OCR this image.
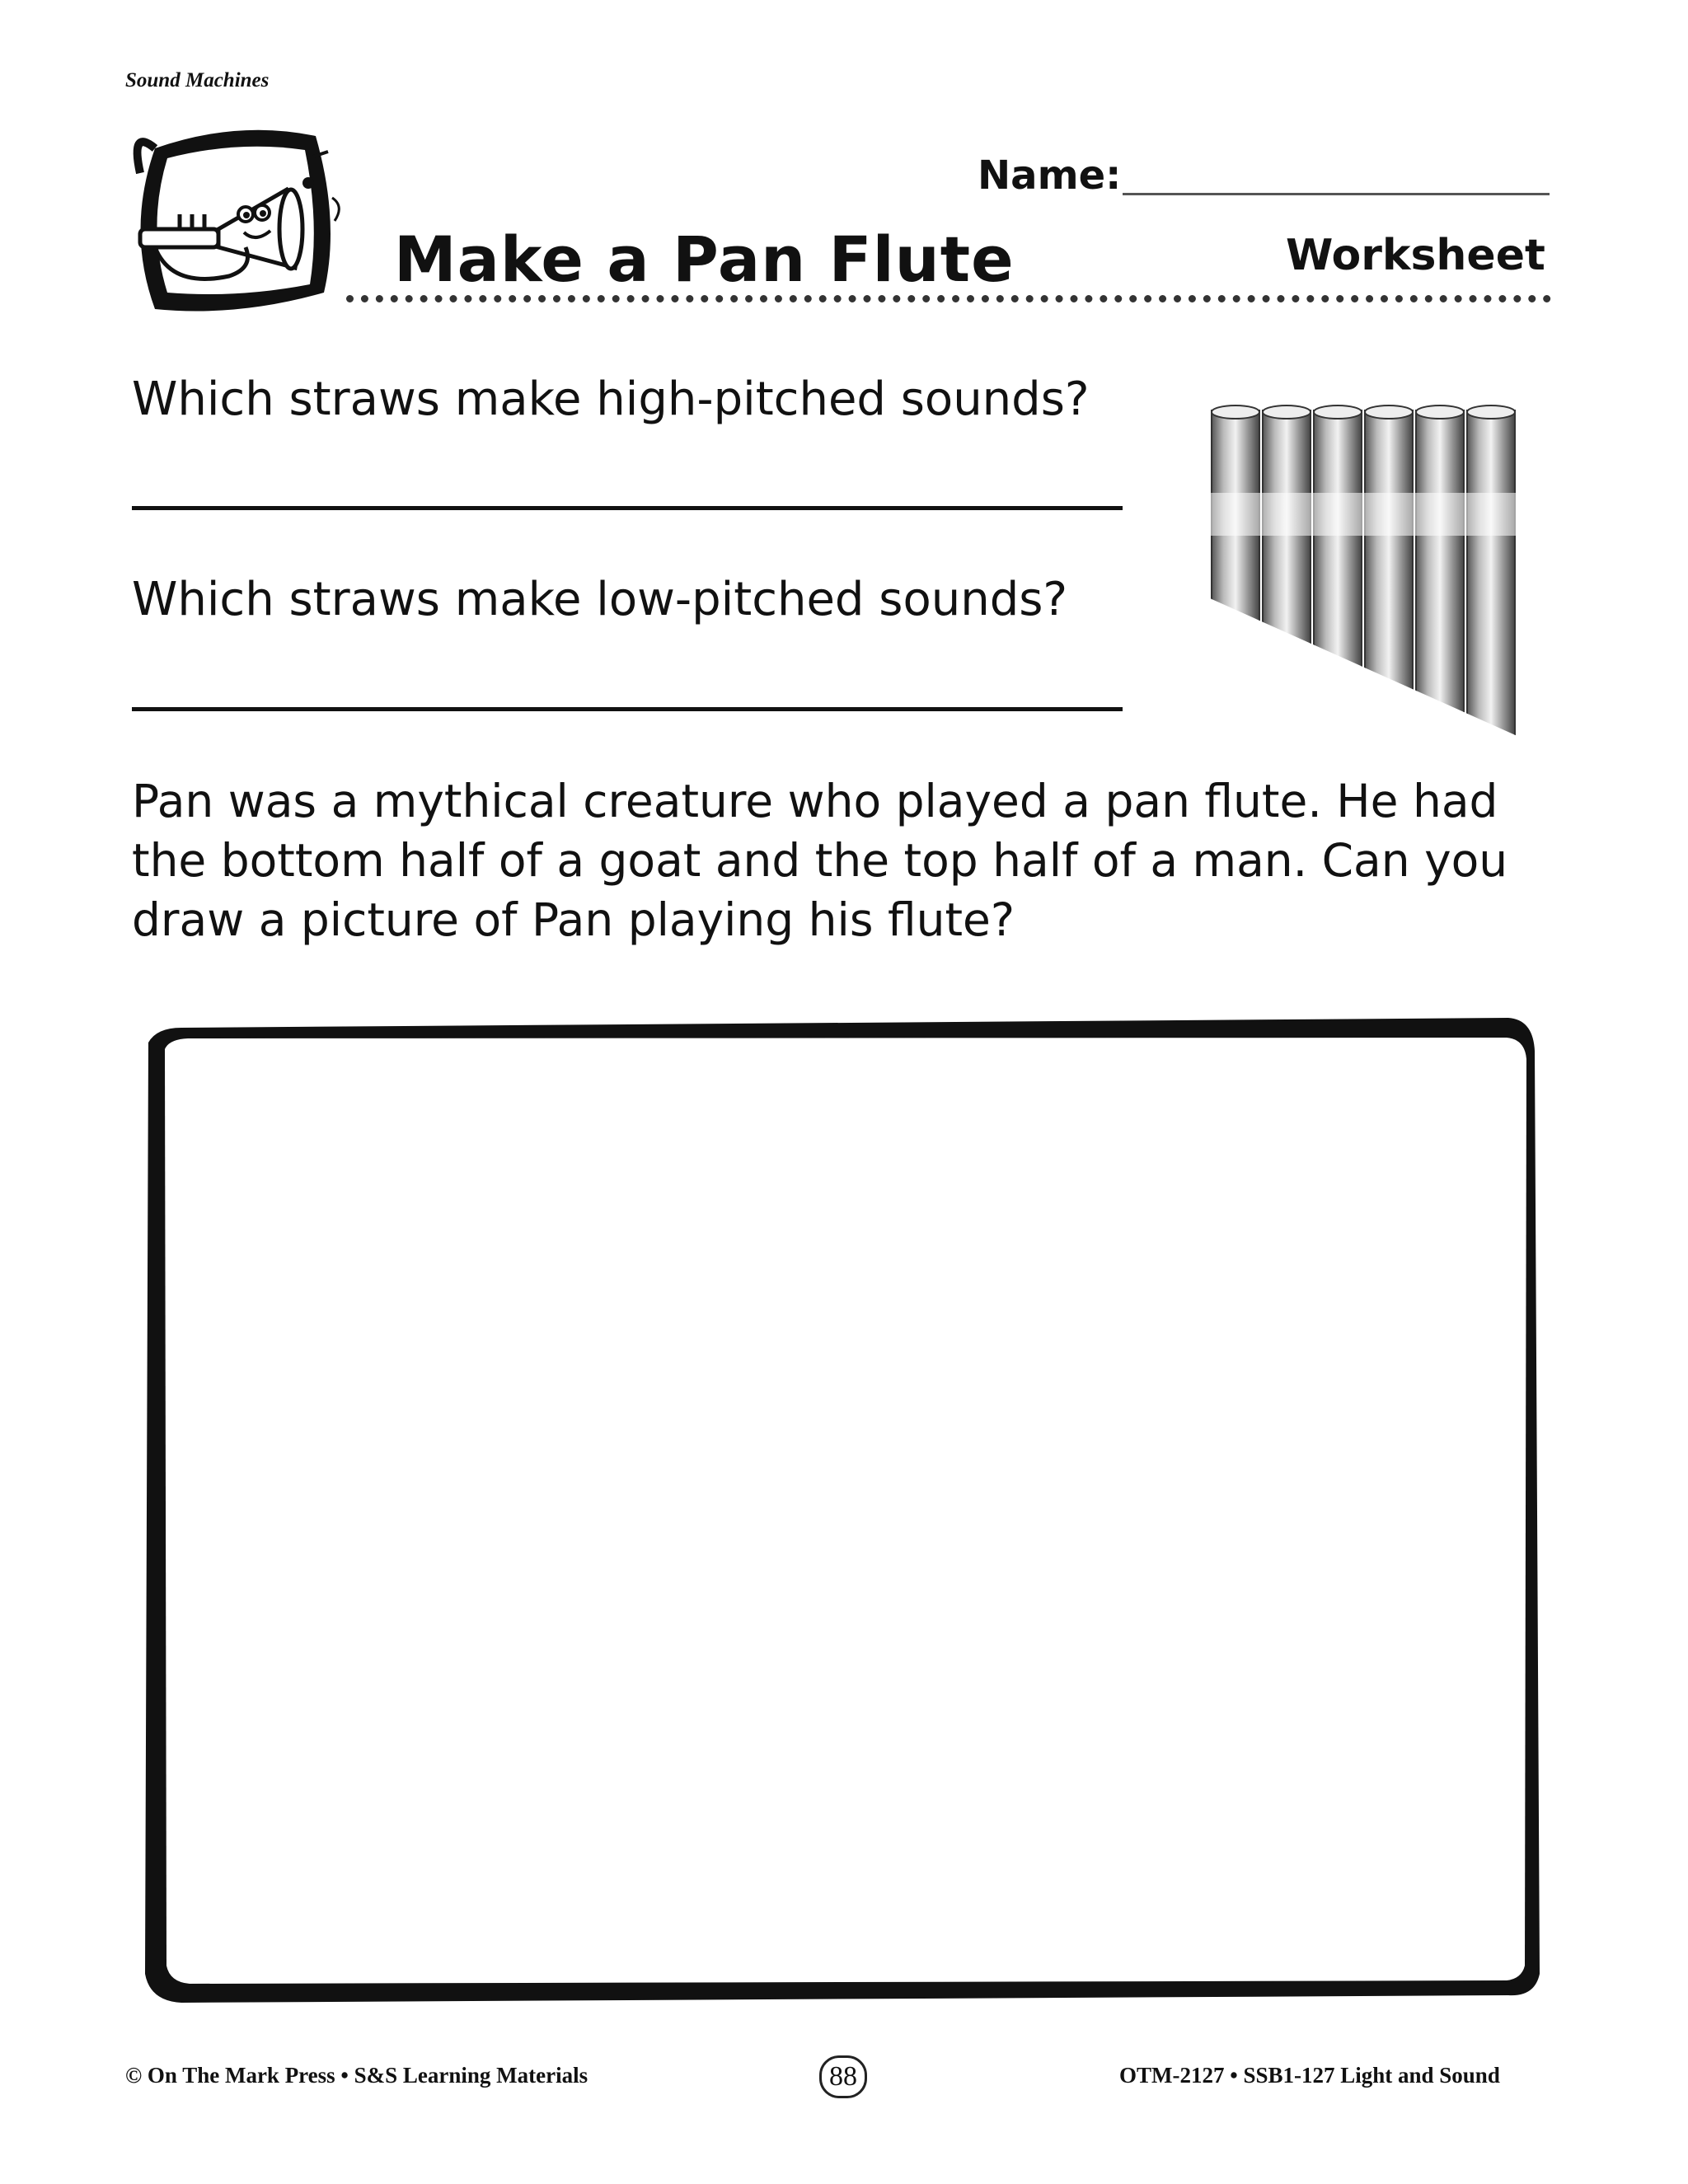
Sound Machines
Name:
Make a Pan Flute	Worksheet
Which straws make high-pitched sounds?
Which straws make low-pitched sounds?
Pan was a mythical creature who played a pan flute. He had the bottom half of a goat and the top half of a man. Can you draw a picture of Pan playing his flute?
© On The Mark Press • S&S Learning Materials	88	OTM-2127 • SSB1-127 Light and Sound
